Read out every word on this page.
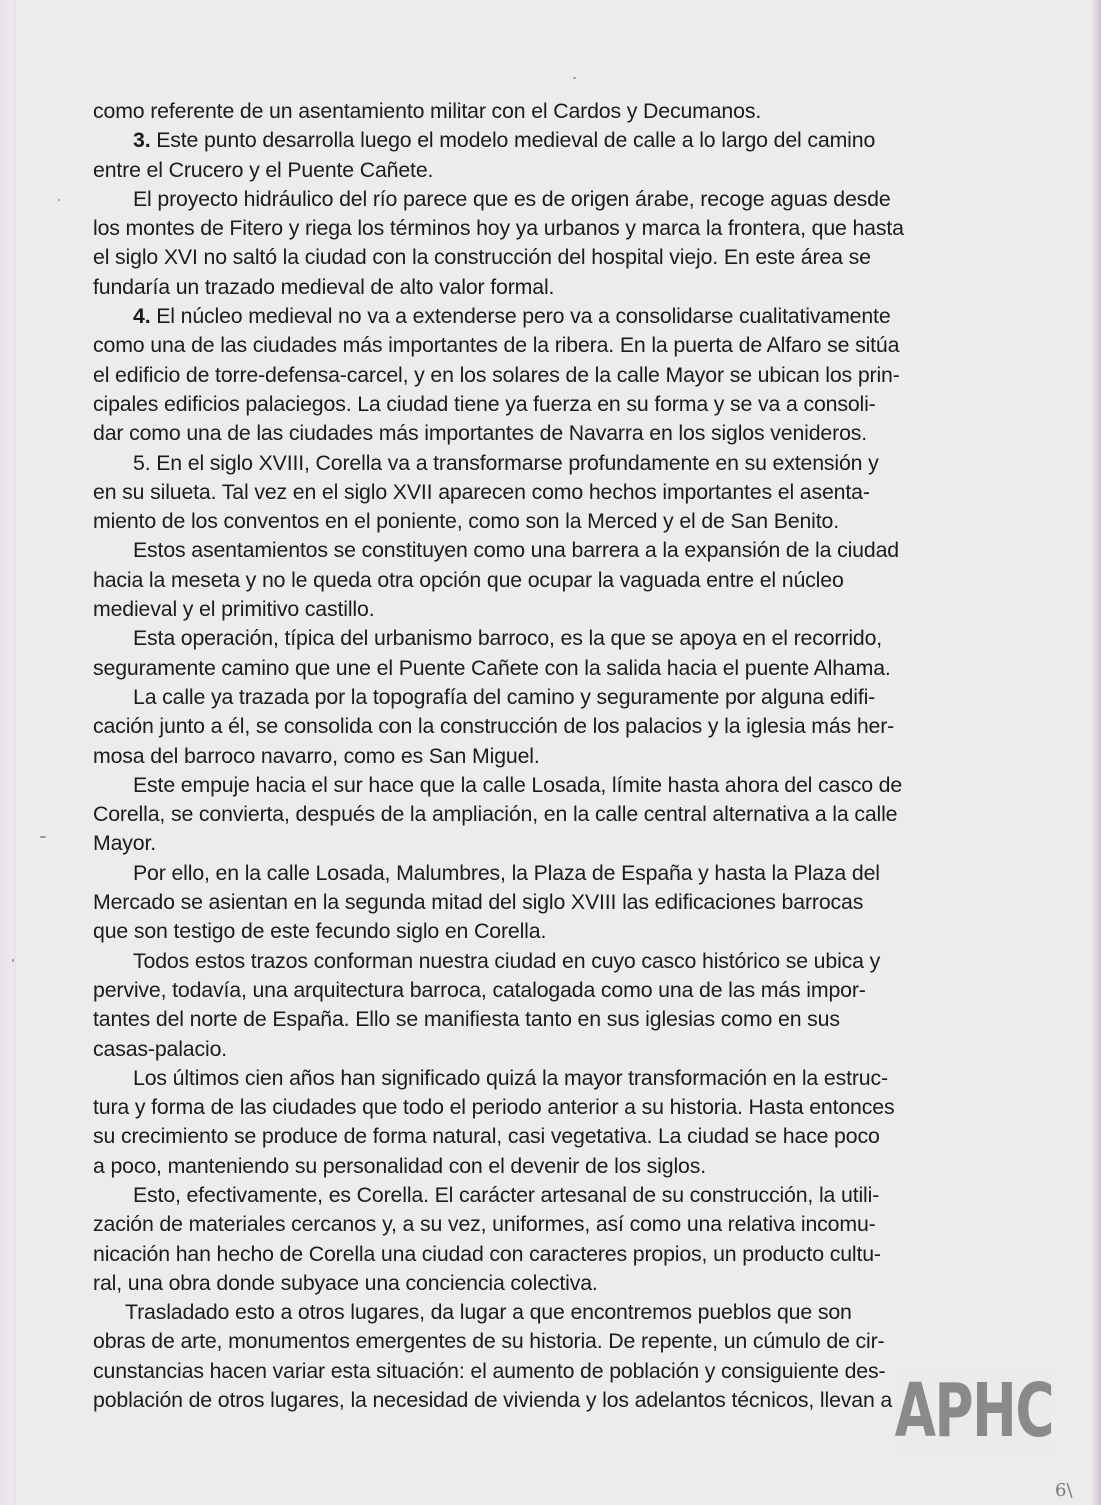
como referente de un asentamiento militar con el Cardos y Decumanos.
3. Este punto desarrolla luego el modelo medieval de calle a lo largo del camino
entre el Crucero y el Puente Cañete.
El proyecto hidráulico del río parece que es de origen árabe, recoge aguas desde
los montes de Fitero y riega los términos hoy ya urbanos y marca la frontera, que hasta
el siglo XVI no saltó la ciudad con la construcción del hospital viejo. En este área se
fundaría un trazado medieval de alto valor formal.
4. El núcleo medieval no va a extenderse pero va a consolidarse cualitativamente
como una de las ciudades más importantes de la ribera. En la puerta de Alfaro se sitúa
el edificio de torre-defensa-carcel, y en los solares de la calle Mayor se ubican los prin-
cipales edificios palaciegos. La ciudad tiene ya fuerza en su forma y se va a consoli-
dar como una de las ciudades más importantes de Navarra en los siglos venideros.
5. En el siglo XVIII, Corella va a transformarse profundamente en su extensión y
en su silueta. Tal vez en el siglo XVII aparecen como hechos importantes el asenta-
miento de los conventos en el poniente, como son la Merced y el de San Benito.
Estos asentamientos se constituyen como una barrera a la expansión de la ciudad
hacia la meseta y no le queda otra opción que ocupar la vaguada entre el núcleo
medieval y el primitivo castillo.
Esta operación, típica del urbanismo barroco, es la que se apoya en el recorrido,
seguramente camino que une el Puente Cañete con la salida hacia el puente Alhama.
La calle ya trazada por la topografía del camino y seguramente por alguna edifi-
cación junto a él, se consolida con la construcción de los palacios y la iglesia más her-
mosa del barroco navarro, como es San Miguel.
Este empuje hacia el sur hace que la calle Losada, límite hasta ahora del casco de
Corella, se convierta, después de la ampliación, en la calle central alternativa a la calle
Mayor.
Por ello, en la calle Losada, Malumbres, la Plaza de España y hasta la Plaza del
Mercado se asientan en la segunda mitad del siglo XVIII las edificaciones barrocas
que son testigo de este fecundo siglo en Corella.
Todos estos trazos conforman nuestra ciudad en cuyo casco histórico se ubica y
pervive, todavía, una arquitectura barroca, catalogada como una de las más impor-
tantes del norte de España. Ello se manifiesta tanto en sus iglesias como en sus
casas-palacio.
Los últimos cien años han significado quizá la mayor transformación en la estruc-
tura y forma de las ciudades que todo el periodo anterior a su historia. Hasta entonces
su crecimiento se produce de forma natural, casi vegetativa. La ciudad se hace poco
a poco, manteniendo su personalidad con el devenir de los siglos.
Esto, efectivamente, es Corella. El carácter artesanal de su construcción, la utili-
zación de materiales cercanos y, a su vez, uniformes, así como una relativa incomu-
nicación han hecho de Corella una ciudad con caracteres propios, un producto cultu-
ral, una obra donde subyace una conciencia colectiva.
Trasladado esto a otros lugares, da lugar a que encontremos pueblos que son
obras de arte, monumentos emergentes de su historia. De repente, un cúmulo de cir-
cunstancias hacen variar esta situación: el aumento de población y consiguiente des-
población de otros lugares, la necesidad de vivienda y los adelantos técnicos, llevan a APHC
6\
